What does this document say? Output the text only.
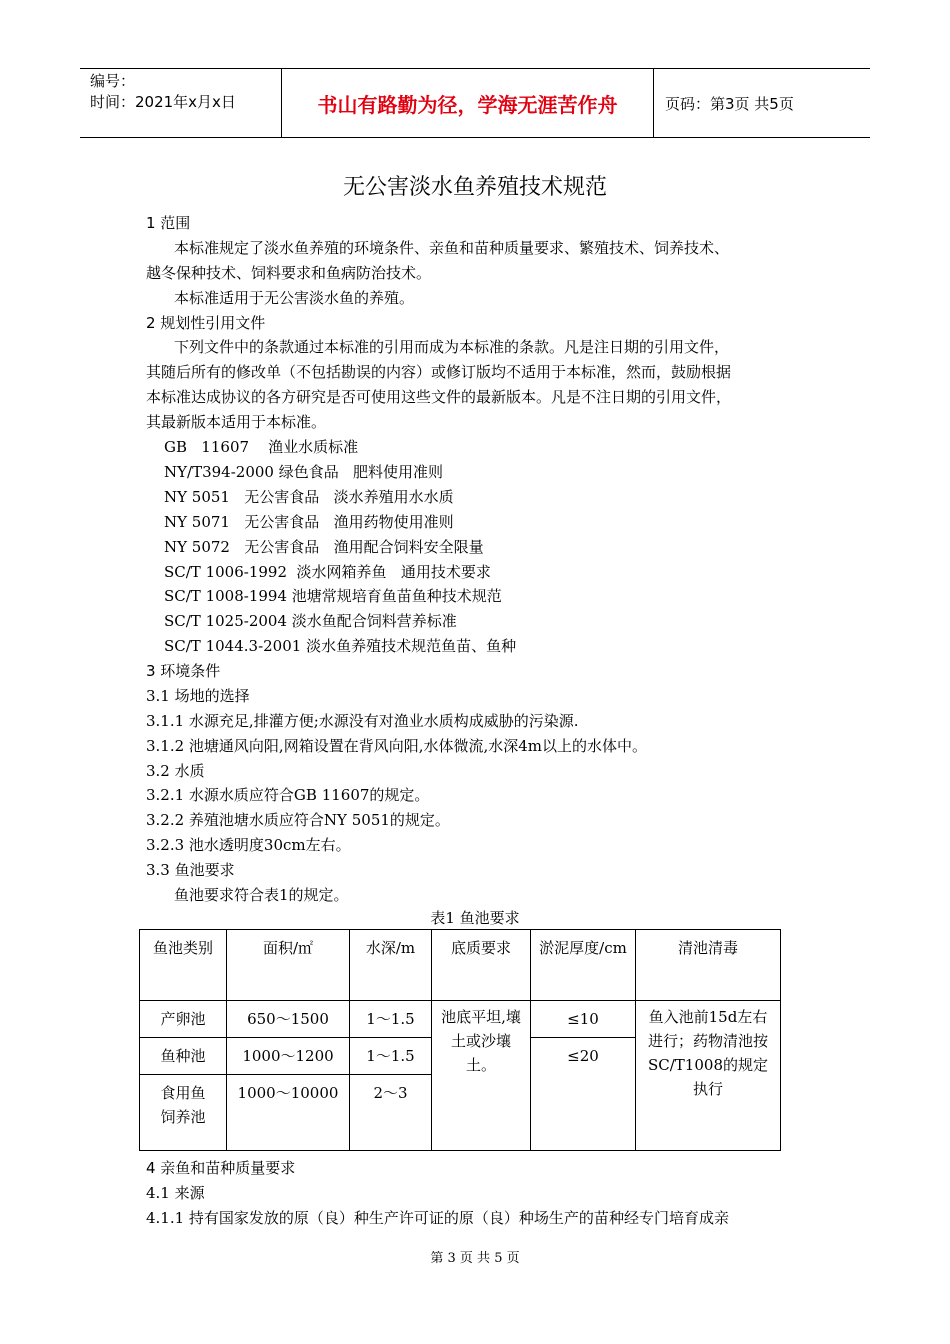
编号：
时间：2021年x月x日	书山有路勤为径，学海无涯苦作舟	页码：第3页 共5页
无公害淡水鱼养殖技术规范
1 范围
本标准规定了淡水鱼养殖的环境条件、亲鱼和苗种质量要求、繁殖技术、饲养技术、
越冬保种技术、饲料要求和鱼病防治技术。
本标准适用于无公害淡水鱼的养殖。
2 规划性引用文件
下列文件中的条款通过本标准的引用而成为本标准的条款。凡是注日期的引用文件，
其随后所有的修改单（不包括勘误的内容）或修订版均不适用于本标准，然而，鼓励根据
本标准达成协议的各方研究是否可使用这些文件的最新版本。凡是不注日期的引用文件，
其最新版本适用于本标准。
GB   11607    渔业水质标准
NY/T394-2000 绿色食品   肥料使用准则
NY 5051   无公害食品   淡水养殖用水水质
NY 5071   无公害食品   渔用药物使用准则
NY 5072   无公害食品   渔用配合饲料安全限量
SC/T 1006-1992  淡水网箱养鱼   通用技术要求
SC/T 1008-1994 池塘常规培育鱼苗鱼种技术规范
SC/T 1025-2004 淡水鱼配合饲料营养标准
SC/T 1044.3-2001 淡水鱼养殖技术规范鱼苗、鱼种
3 环境条件
3.1 场地的选择
3.1.1 水源充足,排灌方便;水源没有对渔业水质构成威胁的污染源.
3.1.2 池塘通风向阳,网箱设置在背风向阳,水体微流,水深4m以上的水体中。
3.2 水质
3.2.1 水源水质应符合GB 11607的规定。
3.2.2 养殖池塘水质应符合NY 5051的规定。
3.2.3 池水透明度30cm左右。
3.3 鱼池要求
鱼池要求符合表1的规定。
表1 鱼池要求
鱼池类别	面积/㎡	水深/m	底质要求	淤泥厚度/cm	清池清毒
产卵池	650～1500	1～1.5	池底平坦,壤土或沙壤土。	≤10	鱼入池前15d左右进行；药物清池按SC/T1008的规定执行
鱼种池	1000～1200	1～1.5		≤20	
食用鱼饲养池	1000～10000	2～3			
4 亲鱼和苗种质量要求
4.1 来源
4.1.1 持有国家发放的原（良）种生产许可证的原（良）种场生产的苗种经专门培育成亲
第 3 页 共 5 页
